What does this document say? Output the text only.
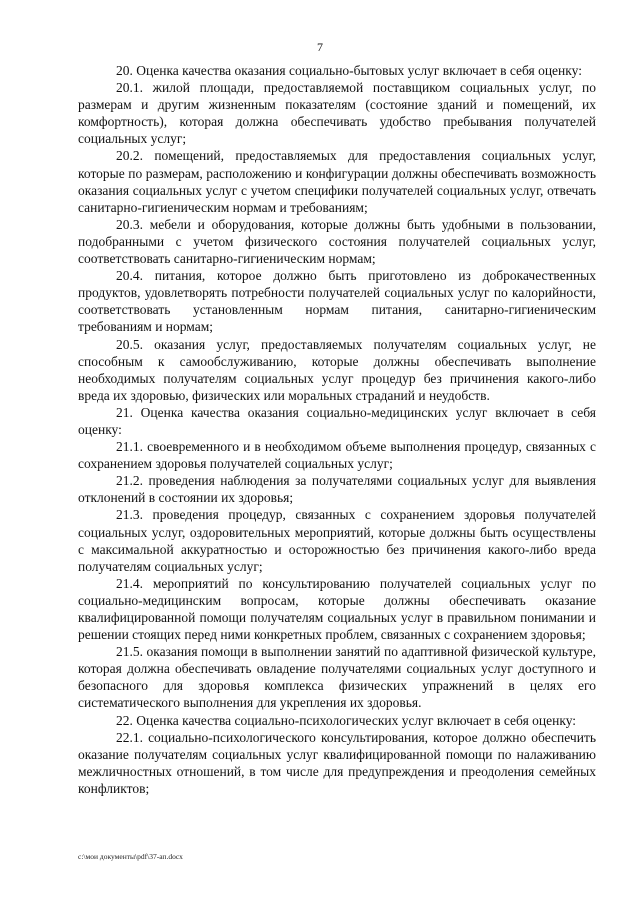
7

20. Оценка качества оказания социально-бытовых услуг включает в себя оценку:

20.1. жилой площади, предоставляемой поставщиком социальных услуг, по размерам и другим жизненным показателям (состояние зданий и помещений, их комфортность), которая должна обеспечивать удобство пребывания получателей социальных услуг;

20.2. помещений, предоставляемых для предоставления социальных услуг, которые по размерам, расположению и конфигурации должны обеспечивать возможность оказания социальных услуг с учетом специфики получателей социальных услуг, отвечать санитарно-гигиеническим нормам и требованиям;

20.3. мебели и оборудования, которые должны быть удобными в пользовании, подобранными с учетом физического состояния получателей социальных услуг, соответствовать санитарно-гигиеническим нормам;

20.4. питания, которое должно быть приготовлено из доброкачественных продуктов, удовлетворять потребности получателей социальных услуг по калорийности, соответствовать установленным нормам питания, санитарно-гигиеническим требованиям и нормам;

20.5. оказания услуг, предоставляемых получателям социальных услуг, не способным к самообслуживанию, которые должны обеспечивать выполнение необходимых получателям социальных услуг процедур без причинения какого-либо вреда их здоровью, физических или моральных страданий и неудобств.

21. Оценка качества оказания социально-медицинских услуг включает в себя оценку:

21.1. своевременного и в необходимом объеме выполнения процедур, связанных с сохранением здоровья получателей социальных услуг;

21.2. проведения наблюдения за получателями социальных услуг для выявления отклонений в состоянии их здоровья;

21.3. проведения процедур, связанных с сохранением здоровья получателей социальных услуг, оздоровительных мероприятий, которые должны быть осуществлены с максимальной аккуратностью и осторожностью без причинения какого-либо вреда получателям социальных услуг;

21.4. мероприятий по консультированию получателей социальных услуг по социально-медицинским вопросам, которые должны обеспечивать оказание квалифицированной помощи получателям социальных услуг в правильном понимании и решении стоящих перед ними конкретных проблем, связанных с сохранением здоровья;

21.5. оказания помощи в выполнении занятий по адаптивной физической культуре, которая должна обеспечивать овладение получателями социальных услуг доступного и безопасного для здоровья комплекса физических упражнений в целях его систематического выполнения для укрепления их здоровья.

22. Оценка качества социально-психологических услуг включает в себя оценку:

22.1. социально-психологического консультирования, которое должно обеспечить оказание получателям социальных услуг квалифицированной помощи по налаживанию межличностных отношений, в том числе для предупреждения и преодоления семейных конфликтов;

c:\мои документы\pdf\37-ап.docx
